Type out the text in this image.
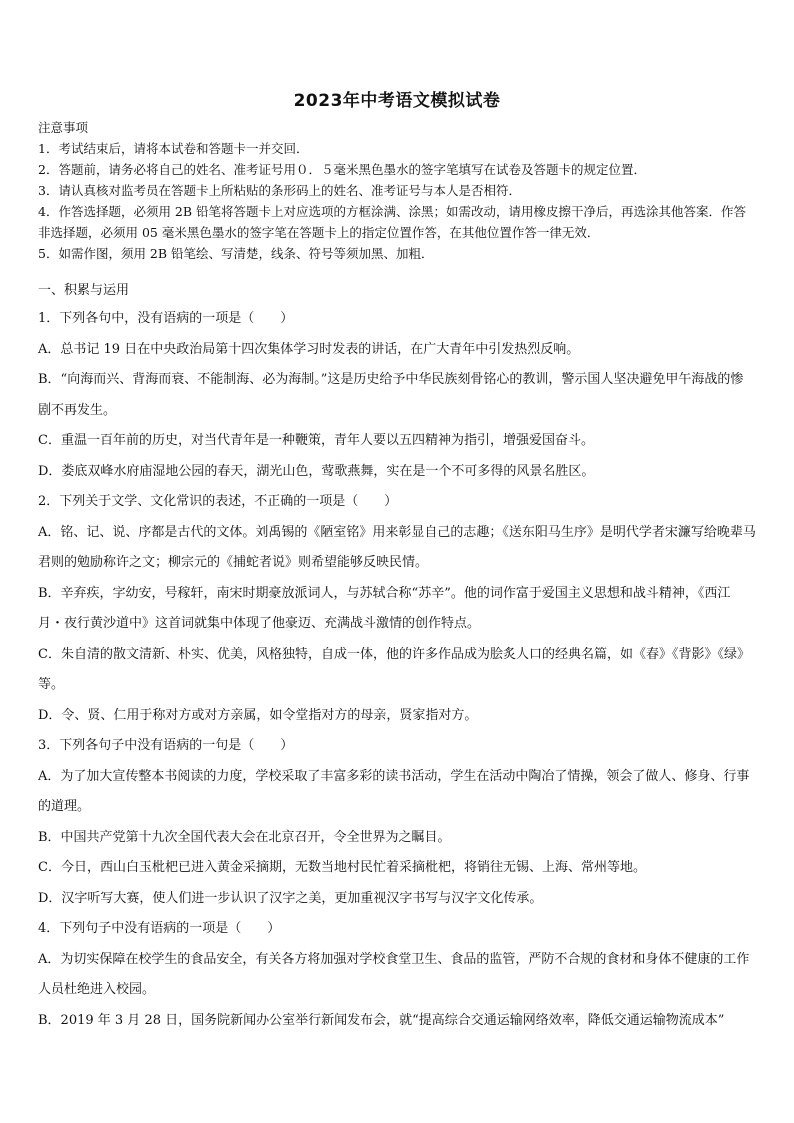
2023年中考语文模拟试卷
注意事项
1．考试结束后，请将本试卷和答题卡一并交回．
2．答题前，请务必将自己的姓名、准考证号用０．５毫米黑色墨水的签字笔填写在试卷及答题卡的规定位置．
3．请认真核对监考员在答题卡上所粘贴的条形码上的姓名、准考证号与本人是否相符．
4．作答选择题，必须用 2B 铅笔将答题卡上对应选项的方框涂满、涂黑；如需改动，请用橡皮擦干净后，再选涂其他答案．作答非选择题，必须用 05 毫米黑色墨水的签字笔在答题卡上的指定位置作答，在其他位置作答一律无效．
5．如需作图，须用 2B 铅笔绘、写清楚，线条、符号等须加黑、加粗．
一、积累与运用
1．下列各句中，没有语病的一项是（　　）
A．总书记 19 日在中央政治局第十四次集体学习时发表的讲话，在广大青年中引发热烈反响。
B．“向海而兴、背海而衰、不能制海、必为海制。”这是历史给予中华民族刻骨铭心的教训，警示国人坚决避免甲午海战的惨剧不再发生。
C．重温一百年前的历史，对当代青年是一种鞭策，青年人要以五四精神为指引，增强爱国奋斗。
D．娄底双峰水府庙湿地公园的春天，湖光山色，莺歌燕舞，实在是一个不可多得的风景名胜区。
2．下列关于文学、文化常识的表述，不正确的一项是（　　）
A．铭、记、说、序都是古代的文体。刘禹锡的《陋室铭》用来彰显自己的志趣；《送东阳马生序》是明代学者宋濂写给晚辈马君则的勉励称许之文；柳宗元的《捕蛇者说》则希望能够反映民情。
B．辛弃疾，字幼安，号稼轩，南宋时期豪放派词人，与苏轼合称“苏辛”。他的词作富于爱国主义思想和战斗精神，《西江月・夜行黄沙道中》这首词就集中体现了他豪迈、充满战斗激情的创作特点。
C．朱自清的散文清新、朴实、优美，风格独特，自成一体，他的许多作品成为脍炙人口的经典名篇，如《春》《背影》《绿》等。
D．令、贤、仁用于称对方或对方亲属，如令堂指对方的母亲，贤家指对方。
3．下列各句子中没有语病的一句是（　　）
A．为了加大宣传整本书阅读的力度，学校采取了丰富多彩的读书活动，学生在活动中陶冶了情操，领会了做人、修身、行事的道理。
B．中国共产党第十九次全国代表大会在北京召开，令全世界为之瞩目。
C．今日，西山白玉枇杷已进入黄金采摘期，无数当地村民忙着采摘枇杷，将销往无锡、上海、常州等地。
D．汉字听写大赛，使人们进一步认识了汉字之美，更加重视汉字书写与汉字文化传承。
4．下列句子中没有语病的一项是（　　）
A．为切实保障在校学生的食品安全，有关各方将加强对学校食堂卫生、食品的监管，严防不合规的食材和身体不健康的工作人员杜绝进入校园。
B．2019 年 3 月 28 日，国务院新闻办公室举行新闻发布会，就“提高综合交通运输网络效率，降低交通运输物流成本”
